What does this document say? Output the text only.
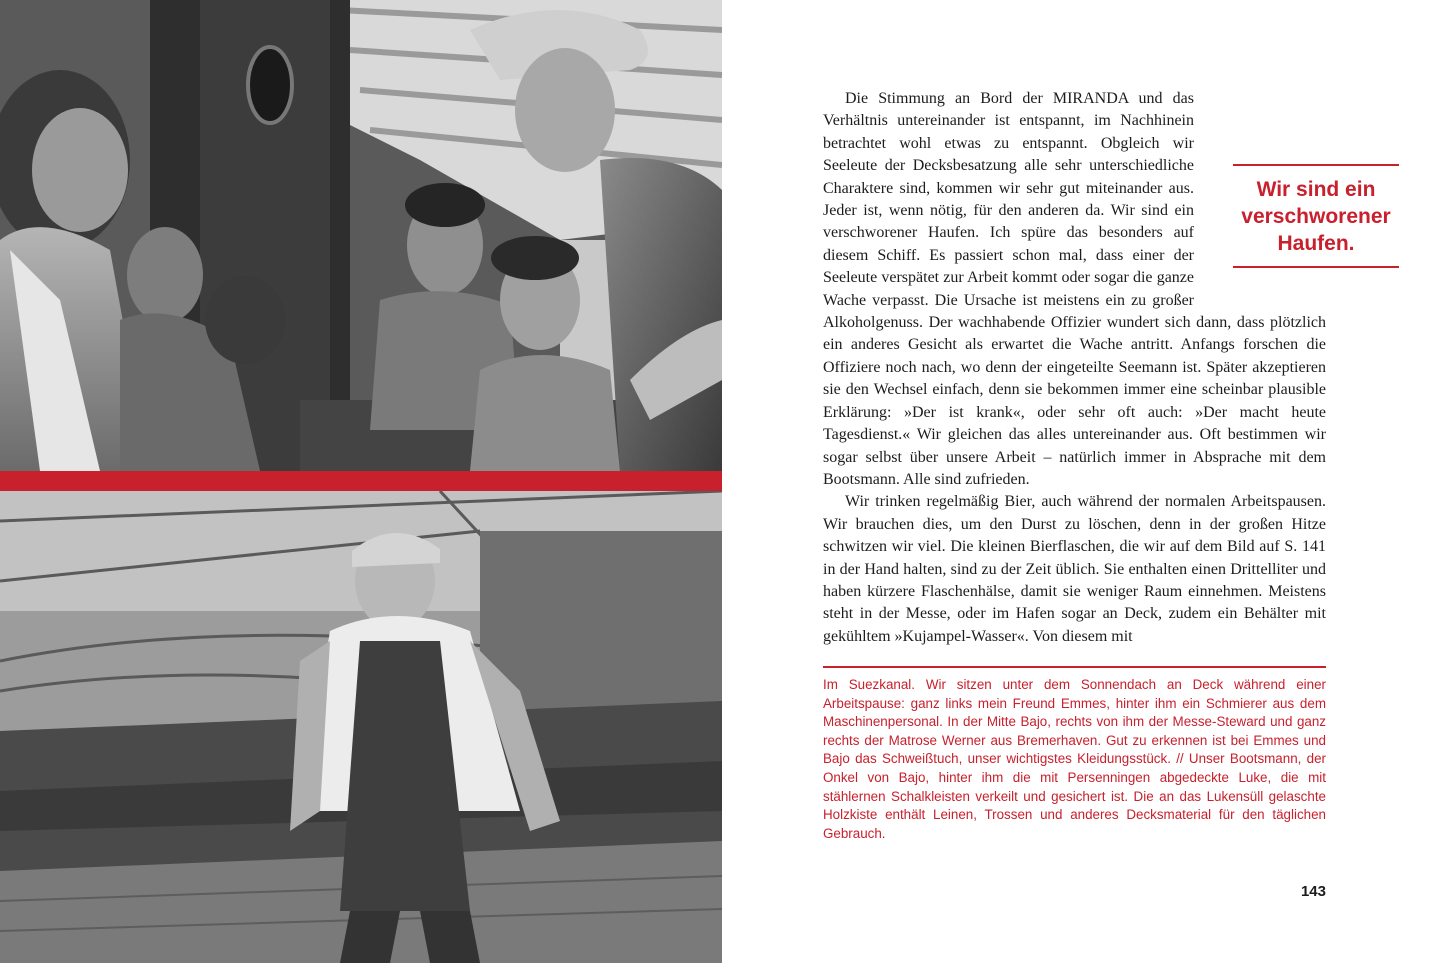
Die Stimmung an Bord der MIRANDA und das Verhältnis untereinander ist entspannt, im Nachhinein betrachtet wohl etwas zu entspannt. Obgleich wir Seeleute der Decksbesatzung alle sehr unterschiedliche Charaktere sind, kommen wir sehr gut miteinander aus. Jeder ist, wenn nötig, für den anderen da. Wir sind ein verschworener Haufen. Ich spüre das besonders auf diesem Schiff. Es passiert schon mal, dass einer der Seeleute verspätet zur Arbeit kommt oder sogar die ganze Wache verpasst. Die Ursache ist meistens ein zu großer Alkoholgenuss. Der wachhabende Offizier wundert sich dann, dass plötzlich ein anderes Gesicht als erwartet die Wache antritt. Anfangs forschen die Offiziere noch nach, wo denn der eingeteilte Seemann ist. Später akzeptieren sie den Wechsel einfach, denn sie bekommen immer eine scheinbar plausible Erklärung: »Der ist krank«, oder sehr oft auch: »Der macht heute Tagesdienst.« Wir gleichen das alles untereinander aus. Oft bestimmen wir sogar selbst über unsere Arbeit – natürlich immer in Absprache mit dem Bootsmann. Alle sind zufrieden.

Wir trinken regelmäßig Bier, auch während der normalen Arbeitspausen. Wir brauchen dies, um den Durst zu löschen, denn in der großen Hitze schwitzen wir viel. Die kleinen Bierflaschen, die wir auf dem Bild auf S. 141 in der Hand halten, sind zu der Zeit üblich. Sie enthalten einen Drittelliter und haben kürzere Flaschenhälse, damit sie weniger Raum einnehmen. Meistens steht in der Messe, oder im Hafen sogar an Deck, zudem ein Behälter mit gekühltem »Kujampel-Wasser«. Von diesem mit

Wir sind ein verschworener Haufen.

Im Suezkanal. Wir sitzen unter dem Sonnendach an Deck während einer Arbeitspause: ganz links mein Freund Emmes, hinter ihm ein Schmierer aus dem Maschinenpersonal. In der Mitte Bajo, rechts von ihm der Messe-Steward und ganz rechts der Matrose Werner aus Bremerhaven. Gut zu erkennen ist bei Emmes und Bajo das Schweißtuch, unser wichtigstes Kleidungsstück. // Unser Bootsmann, der Onkel von Bajo, hinter ihm die mit Persenningen abgedeckte Luke, die mit stählernen Schalkleisten verkeilt und gesichert ist. Die an das Lukensüll gelaschte Holzkiste enthält Leinen, Trossen und anderes Decksmaterial für den täglichen Gebrauch.

143
